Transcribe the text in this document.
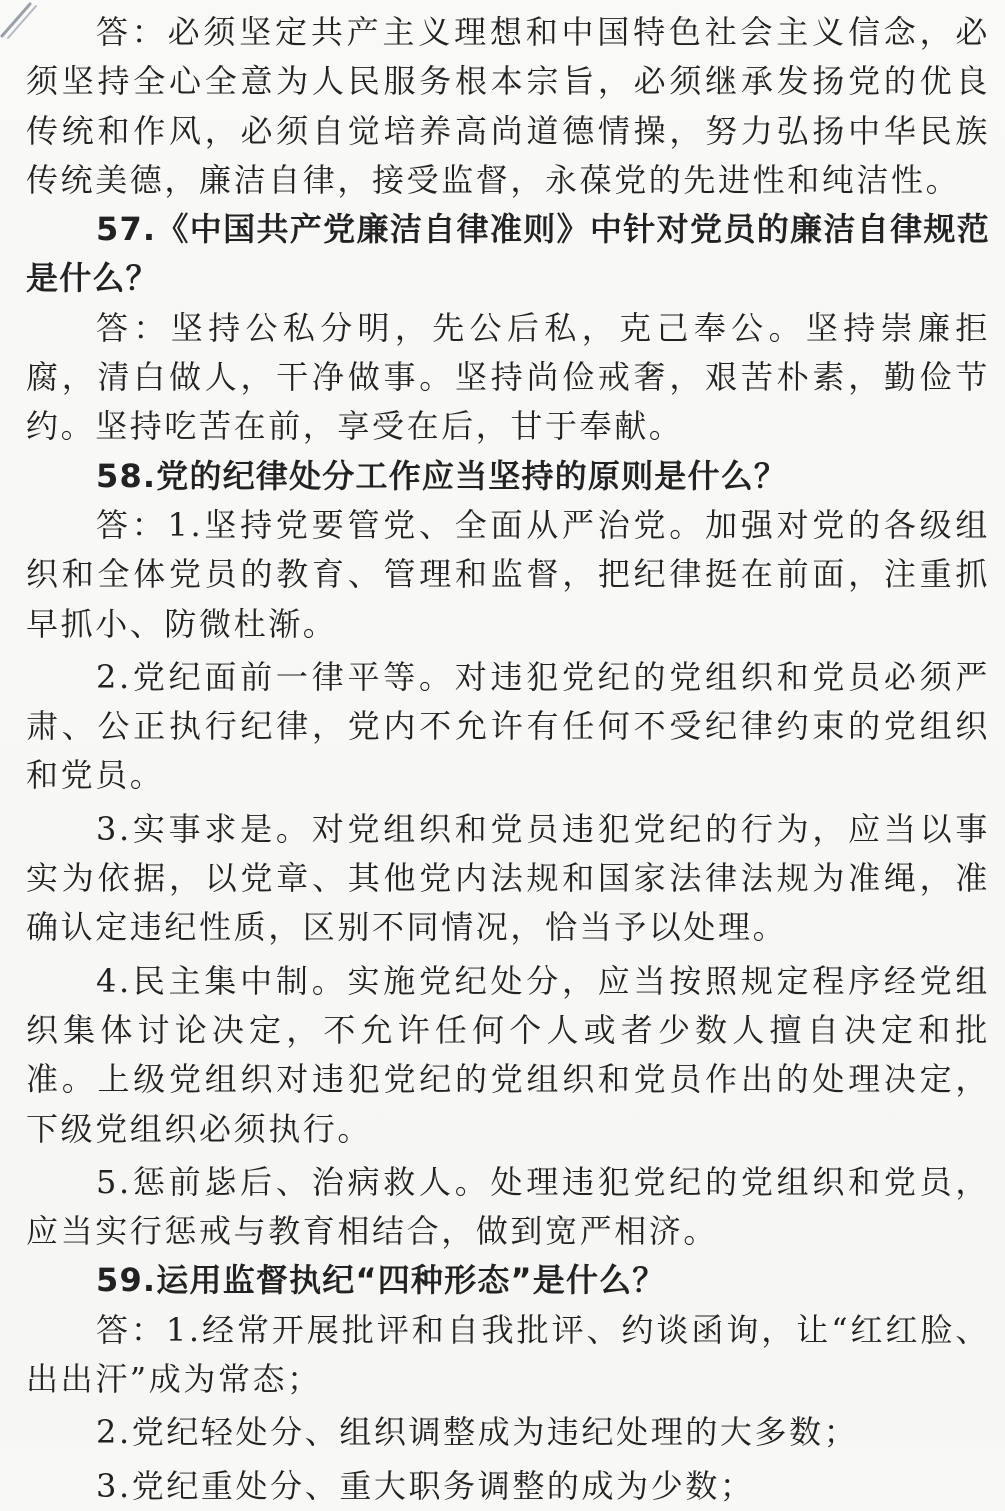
答：必须坚定共产主义理想和中国特色社会主义信念，必须坚持全心全意为人民服务根本宗旨，必须继承发扬党的优良传统和作风，必须自觉培养高尚道德情操，努力弘扬中华民族传统美德，廉洁自律，接受监督，永葆党的先进性和纯洁性。

57.《中国共产党廉洁自律准则》中针对党员的廉洁自律规范是什么？

答：坚持公私分明，先公后私，克己奉公。坚持崇廉拒腐，清白做人，干净做事。坚持尚俭戒奢，艰苦朴素，勤俭节约。坚持吃苦在前，享受在后，甘于奉献。

58.党的纪律处分工作应当坚持的原则是什么？

答：1.坚持党要管党、全面从严治党。加强对党的各级组织和全体党员的教育、管理和监督，把纪律挺在前面，注重抓早抓小、防微杜渐。

2.党纪面前一律平等。对违犯党纪的党组织和党员必须严肃、公正执行纪律，党内不允许有任何不受纪律约束的党组织和党员。

3.实事求是。对党组织和党员违犯党纪的行为，应当以事实为依据，以党章、其他党内法规和国家法律法规为准绳，准确认定违纪性质，区别不同情况，恰当予以处理。

4.民主集中制。实施党纪处分，应当按照规定程序经党组织集体讨论决定，不允许任何个人或者少数人擅自决定和批准。上级党组织对违犯党纪的党组织和党员作出的处理决定，下级党组织必须执行。

5.惩前毖后、治病救人。处理违犯党纪的党组织和党员，应当实行惩戒与教育相结合，做到宽严相济。

59.运用监督执纪“四种形态”是什么？

答：1.经常开展批评和自我批评、约谈函询，让“红红脸、出出汗”成为常态；

2.党纪轻处分、组织调整成为违纪处理的大多数；

3.党纪重处分、重大职务调整的成为少数；
